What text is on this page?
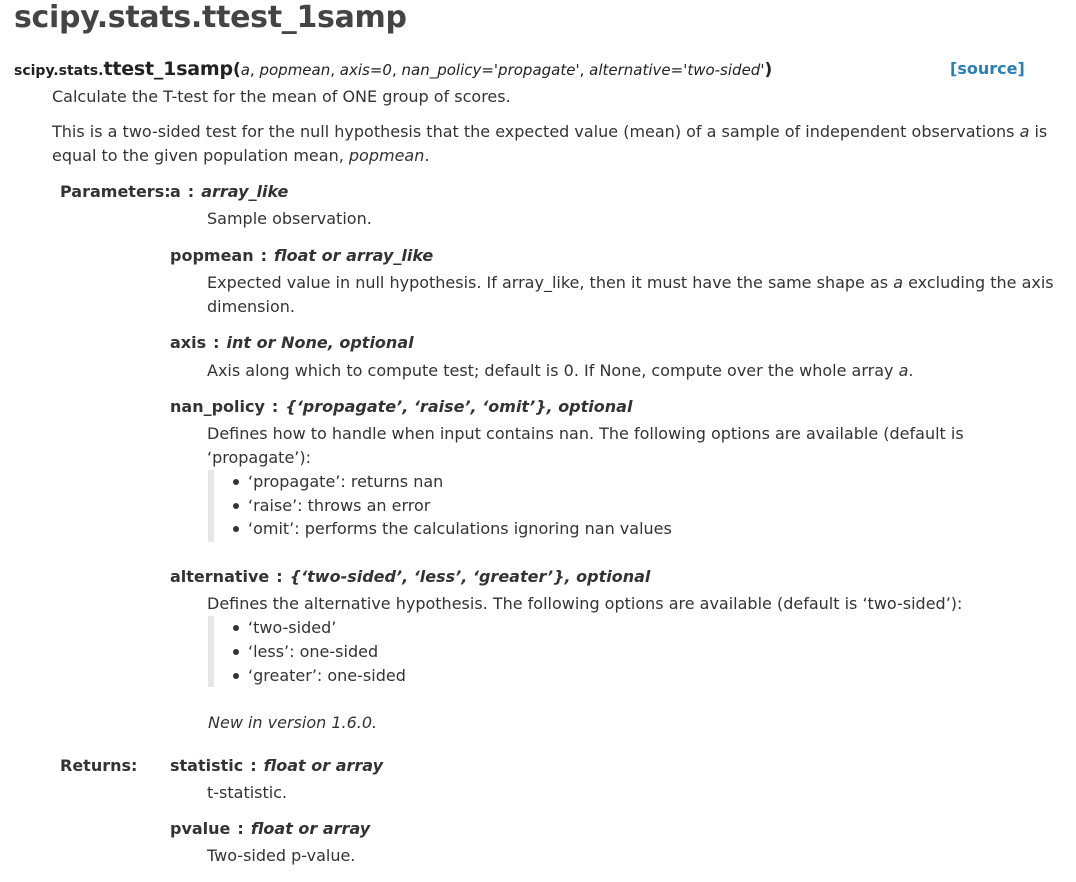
scipy.stats.ttest_1samp
scipy.stats.ttest_1samp(a, popmean, axis=0, nan_policy='propagate', alternative='two-sided')	[source]
Calculate the T-test for the mean of ONE group of scores.
This is a two-sided test for the null hypothesis that the expected value (mean) of a sample of independent observations a is
equal to the given population mean, popmean.
Parameters: a : array_like
Sample observation.
popmean : float or array_like
Expected value in null hypothesis. If array_like, then it must have the same shape as a excluding the axis
dimension.
axis : int or None, optional
Axis along which to compute test; default is 0. If None, compute over the whole array a.
nan_policy : {‘propagate’, ‘raise’, ‘omit’}, optional
Defines how to handle when input contains nan. The following options are available (default is
‘propagate’):
‘propagate’: returns nan
‘raise’: throws an error
‘omit’: performs the calculations ignoring nan values
alternative : {‘two-sided’, ‘less’, ‘greater’}, optional
Defines the alternative hypothesis. The following options are available (default is ‘two-sided’):
‘two-sided’
‘less’: one-sided
‘greater’: one-sided
New in version 1.6.0.
Returns: statistic : float or array
t-statistic.
pvalue : float or array
Two-sided p-value.
